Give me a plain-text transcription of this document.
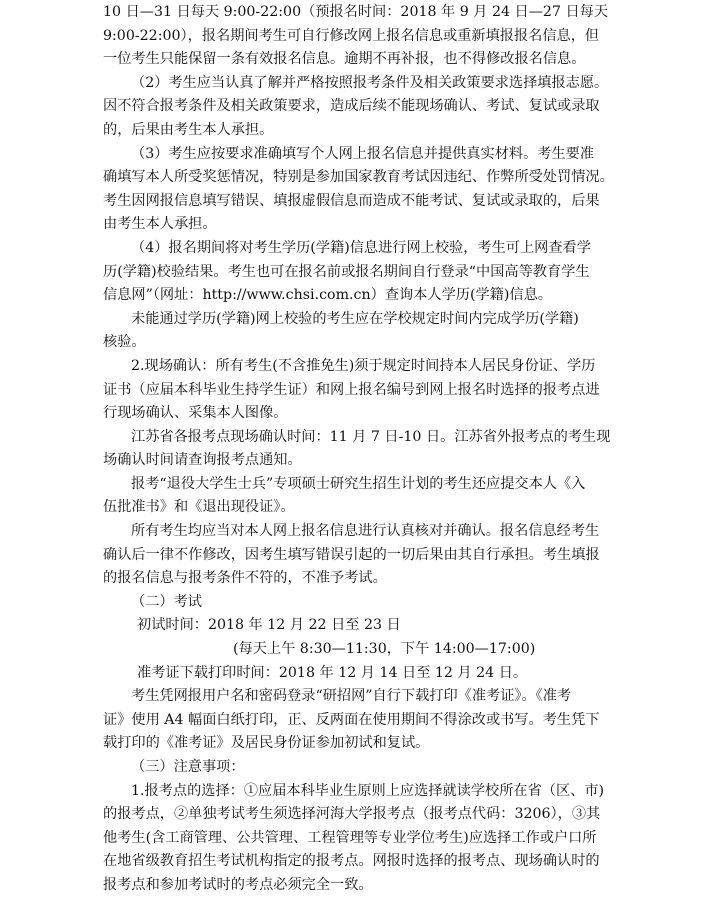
10 日—31 日每天 9:00-22:00（预报名时间：2018 年 9 月 24 日—27 日每天
9:00-22:00），报名期间考生可自行修改网上报名信息或重新填报报名信息，但
一位考生只能保留一条有效报名信息。逾期不再补报，也不得修改报名信息。
（2）考生应当认真了解并严格按照报考条件及相关政策要求选择填报志愿。
因不符合报考条件及相关政策要求，造成后续不能现场确认、考试、复试或录取
的，后果由考生本人承担。
（3）考生应按要求准确填写个人网上报名信息并提供真实材料。考生要准
确填写本人所受奖惩情况，特别是参加国家教育考试因违纪、作弊所受处罚情况。
考生因网报信息填写错误、填报虚假信息而造成不能考试、复试或录取的，后果
由考生本人承担。
（4）报名期间将对考生学历(学籍)信息进行网上校验，考生可上网查看学
历(学籍)校验结果。考生也可在报名前或报名期间自行登录“中国高等教育学生
信息网”（网址：http://www.chsi.com.cn）查询本人学历(学籍)信息。
未能通过学历(学籍)网上校验的考生应在学校规定时间内完成学历(学籍)
核验。
2.现场确认：所有考生(不含推免生)须于规定时间持本人居民身份证、学历
证书（应届本科毕业生持学生证）和网上报名编号到网上报名时选择的报考点进
行现场确认、采集本人图像。
江苏省各报考点现场确认时间：11 月 7 日-10 日。江苏省外报考点的考生现
场确认时间请查询报考点通知。
报考“退役大学生士兵”专项硕士研究生招生计划的考生还应提交本人《入
伍批准书》和《退出现役证》。
所有考生均应当对本人网上报名信息进行认真核对并确认。报名信息经考生
确认后一律不作修改，因考生填写错误引起的一切后果由其自行承担。考生填报
的报名信息与报考条件不符的，不准予考试。
（二）考试
初试时间：2018 年 12 月 22 日至 23 日
(每天上午 8:30—11:30，下午 14:00—17:00)
准考证下载打印时间：2018 年 12 月 14 日至 12 月 24 日。
考生凭网报用户名和密码登录“研招网”自行下载打印《准考证》。《准考
证》使用 A4 幅面白纸打印，正、反两面在使用期间不得涂改或书写。考生凭下
载打印的《准考证》及居民身份证参加初试和复试。
（三）注意事项：
1.报考点的选择：①应届本科毕业生原则上应选择就读学校所在省（区、市)
的报考点，②单独考试考生须选择河海大学报考点（报考点代码：3206），③其
他考生(含工商管理、公共管理、工程管理等专业学位考生)应选择工作或户口所
在地省级教育招生考试机构指定的报考点。网报时选择的报考点、现场确认时的
报考点和参加考试时的考点必须完全一致。
